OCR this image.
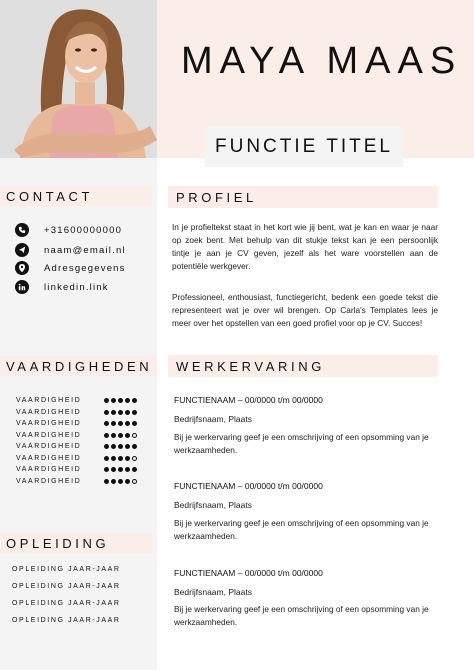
MAYA MAAS
FUNCTIE TITEL
CONTACT
+31600000000
naam@email.nl
Adresgegevens
linkedin.link
VAARDIGHEDEN
VAARDIGHEID
VAARDIGHEID
VAARDIGHEID
VAARDIGHEID
VAARDIGHEID
VAARDIGHEID
VAARDIGHEID
VAARDIGHEID
OPLEIDING
OPLEIDING JAAR-JAAR
OPLEIDING JAAR-JAAR
OPLEIDING JAAR-JAAR
OPLEIDING JAAR-JAAR
PROFIEL

In je profieltekst staat in het kort wie jij bent, wat je kan en waar je naar op zoek bent. Met behulp van dit stukje tekst kan je een persoonlijk tintje je aan je CV geven, jezelf als het ware voorstellen aan de potentiële werkgever.

Professioneel, enthousiast, functiegericht, bedenk een goede tekst die representeert wat je over wil brengen. Op Carla's Templates lees je meer over het opstellen van een goed profiel voor op je CV. Succes!

WERKERVARING
FUNCTIENAAM – 00/0000 t/m 00/0000
Bedrijfsnaam, Plaats
Bij je werkervaring geef je een omschrijving of een opsomming van je werkzaamheden.
FUNCTIENAAM – 00/0000 t/m 00/0000
Bedrijfsnaam, Plaats
Bij je werkervaring geef je een omschrijving of een opsomming van je werkzaamheden.
FUNCTIENAAM – 00/0000 t/m 00/0000
Bedrijfsnaam, Plaats
Bij je werkervaring geef je een omschrijving of een opsomming van je werkzaamheden.
